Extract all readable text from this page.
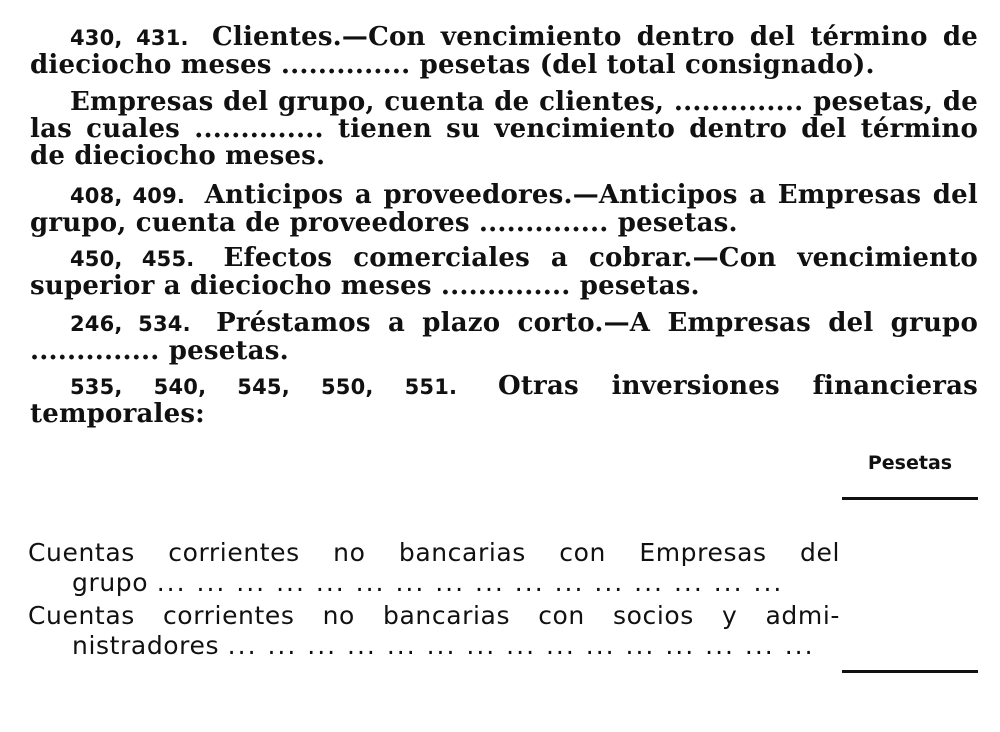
430, 431. Clientes.—Con vencimiento dentro del término de dieciocho meses .............. pesetas (del total consignado).
Empresas del grupo, cuenta de clientes, .............. pesetas, de las cuales .............. tienen su vencimiento dentro del término de dieciocho meses.
408, 409. Anticipos a proveedores.—Anticipos a Empresas del grupo, cuenta de proveedores .............. pesetas.
450, 455. Efectos comerciales a cobrar.—Con vencimiento superior a dieciocho meses .............. pesetas.
246, 534. Préstamos a plazo corto.—A Empresas del grupo .............. pesetas.
535, 540, 545, 550, 551. Otras inversiones financieras temporales:
Pesetas
Cuentas corrientes no bancarias con Empresas del
grupo ... ... ... ... ... ... ... ... ... ... ... ... ... ... ... ...
Cuentas corrientes no bancarias con socios y admi-
nistradores ... ... ... ... ... ... ... ... ... ... ... ... ... ... ...
